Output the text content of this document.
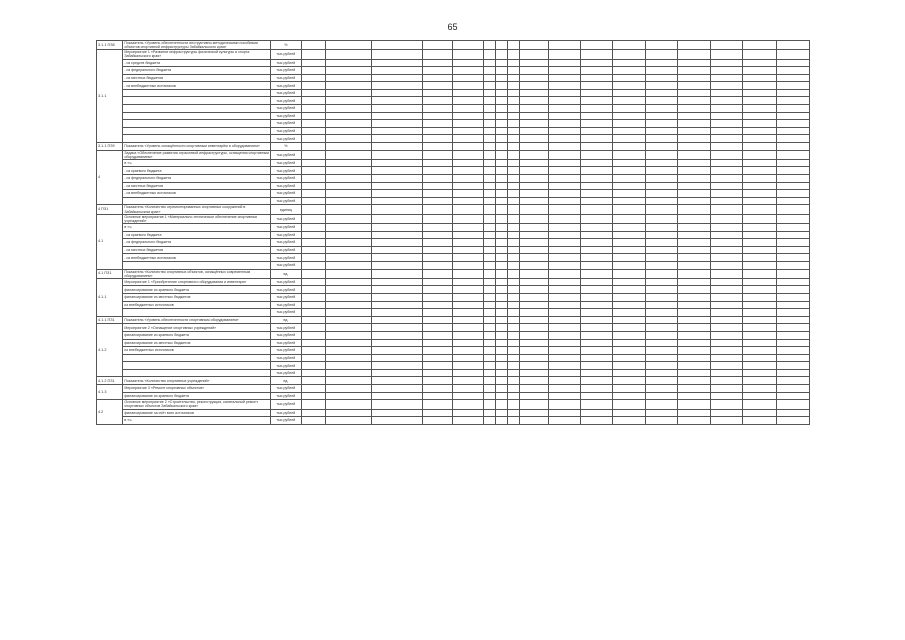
65
3.1.1 ПЗ8	Показатель «Уровень обеспеченности инструктивно-методическими пособиями объектов спортивной инфраструктуры Забайкальского края»	%																	
3.1.1	Мероприятие 1 «Развитие инфраструктуры физической культуры и спорта Забайкальского края»	тыс.рублей																	
	- из средств бюджета	тыс.рублей																	
	- из федерального бюджета	тыс.рублей																	
	- из местных бюджетов	тыс.рублей																	
	- из внебюджетных источников	тыс.рублей																	
		тыс.рублей																	
		тыс.рублей																	
		тыс.рублей																	
		тыс.рублей																	
		тыс.рублей																	
		тыс.рублей																	
		тыс.рублей																	
3.1.1 ПЗ9	Показатель «Уровень оснащённости спортивным инвентарём и оборудованием»	%																	
4	Задача «Обеспечение развития отраслевой инфраструктуры, оснащения спортивным оборудованием»	тыс.рублей																	
	в т.ч.	тыс.рублей																	
	- из краевого бюджета	тыс.рублей																	
	- из федерального бюджета	тыс.рублей																	
	- из местных бюджетов	тыс.рублей																	
	- из внебюджетных источников	тыс.рублей																	
		тыс.рублей																	
4 ПЗ1	Показатель «Количество отремонтированных спортивных сооружений в Забайкальском крае»	единиц																	
4.1	Основное мероприятие 1 «Материально-техническое обеспечение спортивных учреждений»	тыс.рублей																	
	в т.ч.	тыс.рублей																	
	- из краевого бюджета	тыс.рублей																	
	- из федерального бюджета	тыс.рублей																	
	- из местных бюджетов	тыс.рублей																	
	- из внебюджетных источников	тыс.рублей																	
		тыс.рублей																	
4.1 ПЗ1	Показатель «Количество спортивных объектов, оснащённых современным оборудованием»	ед.																	
4.1.1	Мероприятие 1 «Приобретение спортивного оборудования и инвентаря»	тыс.рублей																	
	финансирование из краевого бюджета	тыс.рублей																	
	финансирование из местных бюджетов	тыс.рублей																	
	из внебюджетных источников	тыс.рублей																	
		тыс.рублей																	
4.1.1 ПЗ1	Показатель «Уровень обеспеченности спортивным оборудованием»	ед.																	
4.1.2	Мероприятие 2 «Оснащение спортивных учреждений»	тыс.рублей																	
	финансирование из краевого бюджета	тыс.рублей																	
	финансирование из местных бюджетов	тыс.рублей																	
	из внебюджетных источников	тыс.рублей																	
		тыс.рублей																	
		тыс.рублей																	
		тыс.рублей																	
4.1.2 ПЗ1	Показатель «Количество спортивных учреждений»	ед.																	
4.1.3	Мероприятие 3 «Ремонт спортивных объектов»	тыс.рублей																	
	финансирование из краевого бюджета	тыс.рублей																	
4.2	Основное мероприятие 2 «Строительство, реконструкция, капитальный ремонт спортивных объектов Забайкальского края»	тыс.рублей																	
	финансирование за счёт всех источников	тыс.рублей																	
	в т.ч.	тыс.рублей																	
